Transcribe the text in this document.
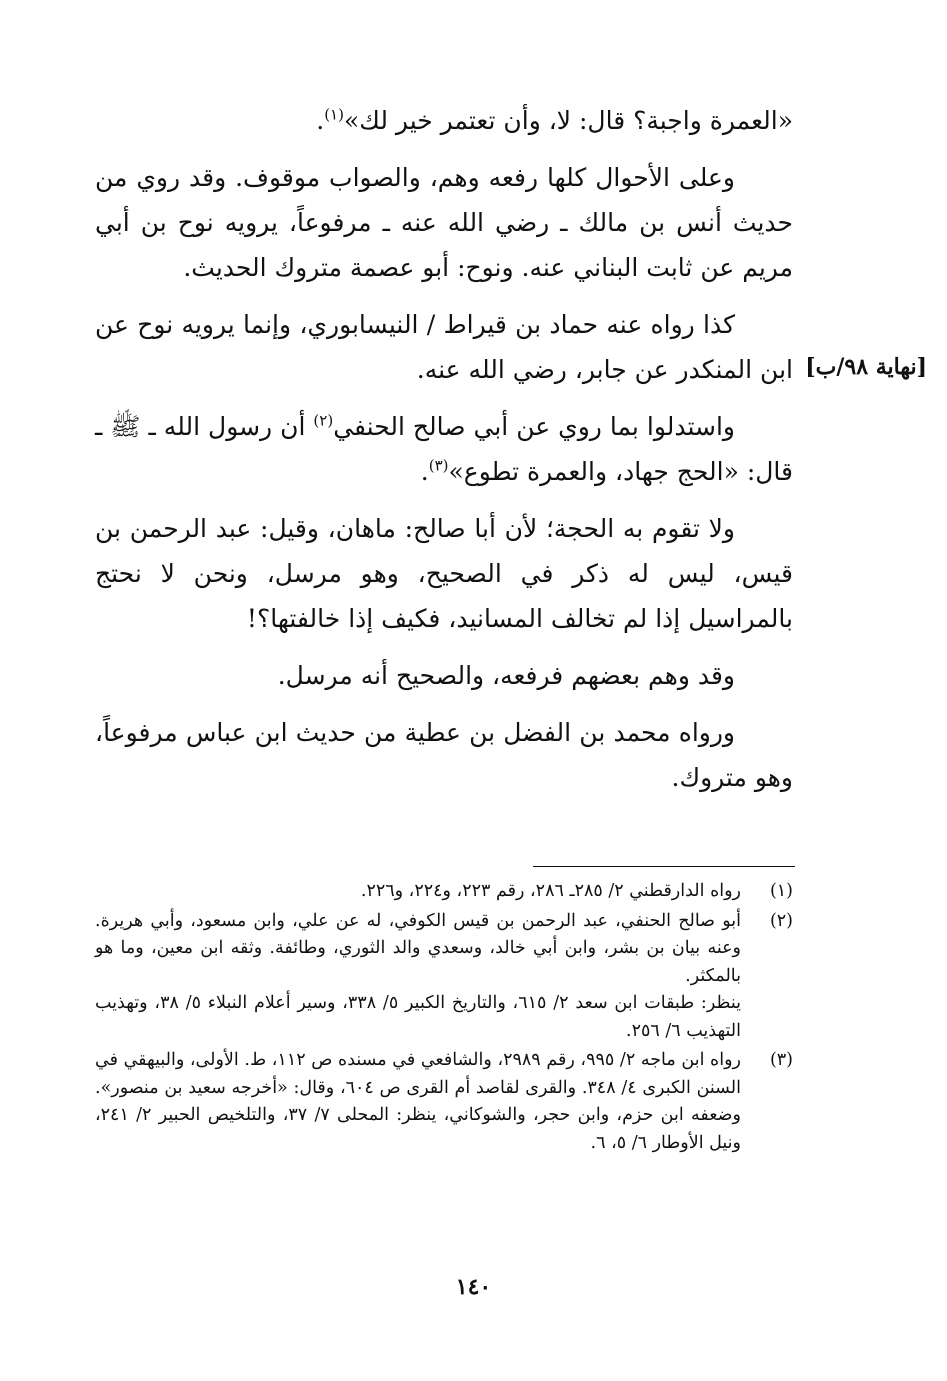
[نهاية ٩٨/ب]

«العمرة واجبة؟ قال: لا، وأن تعتمر خير لك»$^{(١)}$.

وعلى الأحوال كلها رفعه وهم، والصواب موقوف. وقد روي من حديث أنس بن مالك ـ رضي الله عنه ـ مرفوعاً، يرويه نوح بن أبي مريم عن ثابت البناني عنه. ونوح: أبو عصمة متروك الحديث.

كذا رواه عنه حماد بن قيراط / النيسابوري، وإنما يرويه نوح عن ابن المنكدر عن جابر، رضي الله عنه.

واستدلوا بما روي عن أبي صالح الحنفي$^{(٢)}$ أن رسول الله ـ ﷺ ـ قال: «الحج جهاد، والعمرة تطوع»$^{(٣)}$.

ولا تقوم به الحجة؛ لأن أبا صالح: ماهان، وقيل: عبد الرحمن بن قيس، ليس له ذكر في الصحيح، وهو مرسل، ونحن لا نحتج بالمراسيل إذا لم تخالف المسانيد، فكيف إذا خالفتها؟!

وقد وهم بعضهم فرفعه، والصحيح أنه مرسل.

ورواه محمد بن الفضل بن عطية من حديث ابن عباس مرفوعاً، وهو متروك.

(١)

رواه الدارقطني ٢/ ٢٨٥ـ ٢٨٦، رقم ٢٢٣، و٢٢٤، و٢٢٦.

(٢)

أبو صالح الحنفي، عبد الرحمن بن قيس الكوفي، له عن علي، وابن مسعود، وأبي هريرة. وعنه بيان بن بشر، وابن أبي خالد، وسعدي والد الثوري، وطائفة. وثقه ابن معين، وما هو بالمكثر.

ينظر: طبقات ابن سعد ٢/ ٦١٥، والتاريخ الكبير ٥/ ٣٣٨، وسير أعلام النبلاء ٥/ ٣٨، وتهذيب التهذيب ٦/ ٢٥٦.

(٣)

رواه ابن ماجه ٢/ ٩٩٥، رقم ٢٩٨٩، والشافعي في مسنده ص ١١٢، ط. الأولى، والبيهقي في السنن الكبرى ٤/ ٣٤٨. والقرى لقاصد أم القرى ص ٦٠٤، وقال: «أخرجه سعيد بن منصور». وضعفه ابن حزم، وابن حجر، والشوكاني، ينظر: المحلى ٧/ ٣٧، والتلخيص الحبير ٢/ ٢٤١، ونيل الأوطار ٦/ ٥، ٦.

١٤٠
